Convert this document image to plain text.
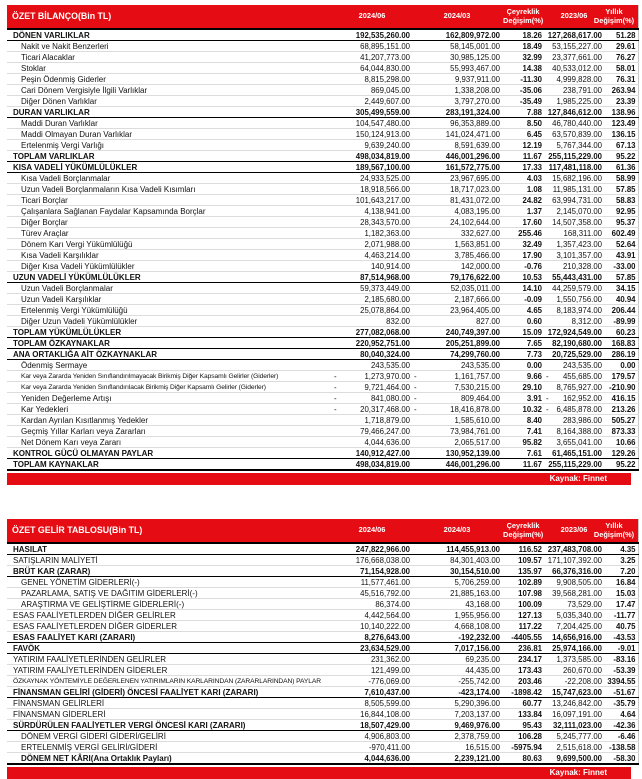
ÖZET BİLANÇO(Bin TL)	2024/06	2024/03	Çeyreklik Değişim(%)	2023/06	Yıllık Değişim(%)
DÖNEN VARLIKLAR	192,535,260.00	162,809,972.00	18.26	127,268,617.00	51.28
Nakit ve Nakit Benzerleri	68,895,151.00	58,145,001.00	18.49	53,155,227.00	29.61
Ticari Alacaklar	41,207,773.00	30,985,125.00	32.99	23,377,661.00	76.27
Stoklar	64,044,830.00	55,993,467.00	14.38	40,533,012.00	58.01
Peşin Ödenmiş Giderler	8,815,298.00	9,937,911.00	-11.30	4,999,828.00	76.31
Cari Dönem Vergisiyle İlgili Varlıklar	869,045.00	1,338,208.00	-35.06	238,791.00	263.94
Diğer Dönen Varlıklar	2,449,607.00	3,797,270.00	-35.49	1,985,225.00	23.39
DURAN VARLIKLAR	305,499,559.00	283,191,324.00	7.88	127,846,612.00	138.96
Maddi Duran Varlıklar	104,547,480.00	96,353,889.00	8.50	46,780,440.00	123.49
Maddi Olmayan Duran Varlıklar	150,124,913.00	141,024,471.00	6.45	63,570,839.00	136.15
Ertelenmiş Vergi Varlığı	9,639,240.00	8,591,639.00	12.19	5,767,344.00	67.13
TOPLAM VARLIKLAR	498,034,819.00	446,001,296.00	11.67	255,115,229.00	95.22
KISA VADELİ YÜKÜMLÜLÜKLER	189,567,100.00	161,572,775.00	17.33	117,481,118.00	61.36
Kısa Vadeli Borçlanmalar	24,933,525.00	23,967,695.00	4.03	15,682,196.00	58.99
Uzun Vadeli Borçlanmaların Kısa Vadeli Kısımları	18,918,566.00	18,717,023.00	1.08	11,985,131.00	57.85
Ticari Borçlar	101,643,217.00	81,431,072.00	24.82	63,994,731.00	58.83
Çalışanlara Sağlanan Faydalar Kapsamında Borçlar	4,138,941.00	4,083,195.00	1.37	2,145,070.00	92.95
Diğer Borçlar	28,343,570.00	24,102,644.00	17.60	14,507,358.00	95.37
Türev Araçlar	1,182,363.00	332,627.00	255.46	168,311.00	602.49
Dönem Karı Vergi Yükümlülüğü	2,071,988.00	1,563,851.00	32.49	1,357,423.00	52.64
Kısa Vadeli Karşılıklar	4,463,214.00	3,785,466.00	17.90	3,101,357.00	43.91
Diğer Kısa Vadeli Yükümlülükler	140,914.00	142,000.00	-0.76	210,328.00	-33.00
UZUN VADELİ YÜKÜMLÜLÜKLER	87,514,968.00	79,176,622.00	10.53	55,443,431.00	57.85
Uzun Vadeli Borçlanmalar	59,373,449.00	52,035,011.00	14.10	44,259,579.00	34.15
Uzun Vadeli Karşılıklar	2,185,680.00	2,187,666.00	-0.09	1,550,756.00	40.94
Ertelenmiş Vergi Yükümlülüğü	25,078,864.00	23,964,405.00	4.65	8,183,974.00	206.44
Diğer Uzun Vadeli Yükümlülükler	832.00	827.00	0.60	8,312.00	-89.99
TOPLAM YÜKÜMLÜLÜKLER	277,082,068.00	240,749,397.00	15.09	172,924,549.00	60.23
TOPLAM ÖZKAYNAKLAR	220,952,751.00	205,251,899.00	7.65	82,190,680.00	168.83
ANA ORTAKLIĞA AİT ÖZKAYNAKLAR	80,040,324.00	74,299,760.00	7.73	20,725,529.00	286.19
Ödenmiş Sermaye	243,535.00	243,535.00	0.00	243,535.00	0.00
Kar veya Zararda Yeniden Sınıflandırılmayacak Birikmiş Diğer Kapsamlı Gelirler (Giderler)	- 1,273,970.00	- 1,161,757.00	9.66	- 455,685.00	179.57
Kar veya Zararda Yeniden Sınıflandırılacak Birikmiş Diğer Kapsamlı Gelirler (Giderler)	- 9,721,464.00	- 7,530,215.00	29.10	8,765,927.00	-210.90
Yeniden Değerleme Artışı	- 841,080.00	- 809,464.00	3.91	- 162,952.00	416.15
Kar Yedekleri	- 20,317,468.00	- 18,416,878.00	10.32	- 6,485,878.00	213.26
Kardan Ayrılan Kısıtlanmış Yedekler	1,718,879.00	1,585,610.00	8.40	283,986.00	505.27
Geçmiş Yıllar Karları veya Zararları	79,466,247.00	73,984,761.00	7.41	8,164,388.00	873.33
Net Dönem Karı veya Zararı	4,044,636.00	2,065,517.00	95.82	3,655,041.00	10.66
KONTROL GÜCÜ OLMAYAN PAYLAR	140,912,427.00	130,952,139.00	7.61	61,465,151.00	129.26
TOPLAM KAYNAKLAR	498,034,819.00	446,001,296.00	11.67	255,115,229.00	95.22
Kaynak: Finnet
ÖZET GELİR TABLOSU(Bin TL)	2024/06	2024/03	Çeyreklik Değişim(%)	2023/06	Yıllık Değişim(%)
HASILAT	247,822,966.00	114,455,913.00	116.52	237,483,708.00	4.35
SATIŞLARIN MALİYETİ	176,668,038.00	84,301,403.00	109.57	171,107,392.00	3.25
BRÜT KAR (ZARAR)	71,154,928.00	30,154,510.00	135.97	66,376,316.00	7.20
GENEL YÖNETİM GİDERLERİ(-)	11,577,461.00	5,706,259.00	102.89	9,908,505.00	16.84
PAZARLAMA, SATIŞ VE DAĞITIM GİDERLERİ(-)	45,516,792.00	21,885,163.00	107.98	39,568,281.00	15.03
ARAŞTIRMA VE GELİŞTİRME GİDERLERİ(-)	86,374.00	43,168.00	100.09	73,529.00	17.47
ESAS FAALİYETLERDEN DİĞER GELİRLER	4,442,564.00	1,955,956.00	127.13	5,035,340.00	-11.77
ESAS FAALİYETLERDEN DİĞER GİDERLER	10,140,222.00	4,668,108.00	117.22	7,204,425.00	40.75
ESAS FAALİYET KARI (ZARARI)	8,276,643.00	-192,232.00	-4405.55	14,656,916.00	-43.53
FAVÖK	23,634,529.00	7,017,156.00	236.81	25,974,166.00	-9.01
YATIRIM FAALİYETLERİNDEN GELİRLER	231,362.00	69,235.00	234.17	1,373,585.00	-83.16
YATIRIM FAALİYETLERİNDEN GİDERLER	121,499.00	44,435.00	173.43	260,670.00	-53.39
ÖZKAYNAK YÖNTEMİYLE DEĞERLENEN YATIRIMLARIN KARLARINDAN (ZARARLARINDAN) PAYLAR	-776,069.00	-255,742.00	203.46	-22,208.00	3394.55
FİNANSMAN GELİRİ (GİDERİ) ÖNCESİ FAALİYET KARI (ZARARI)	7,610,437.00	-423,174.00	-1898.42	15,747,623.00	-51.67
FİNANSMAN GELİRLERİ	8,505,599.00	5,290,396.00	60.77	13,246,842.00	-35.79
FİNANSMAN GİDERLERİ	16,844,108.00	7,203,137.00	133.84	16,097,191.00	4.64
SÜRDÜRÜLEN FAALİYETLER VERGİ ÖNCESİ KARI (ZARARI)	18,507,429.00	9,469,976.00	95.43	32,111,023.00	-42.36
DÖNEM VERGİ GİDERİ GİDERİ/GELİRİ	4,906,803.00	2,378,759.00	106.28	5,245,777.00	-6.46
ERTELENMİŞ VERGİ GELİRİ/GİDERİ	-970,411.00	16,515.00	-5975.94	2,515,618.00	-138.58
DÖNEM NET KÂRI(Ana Ortaklık Payları)	4,044,636.00	2,239,121.00	80.63	9,699,500.00	-58.30
Kaynak: Finnet
